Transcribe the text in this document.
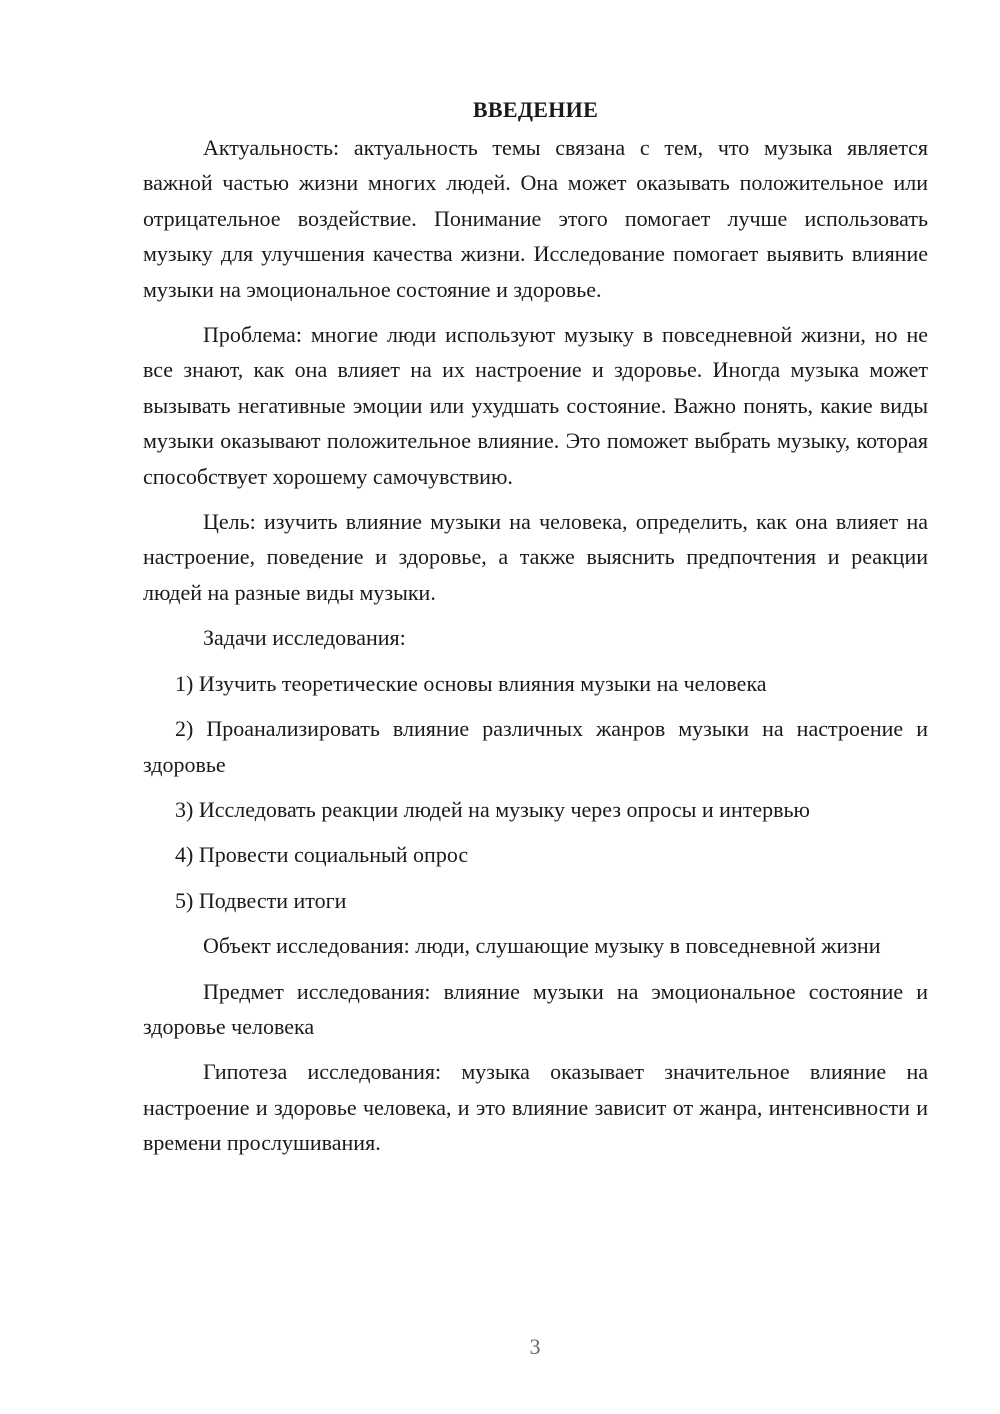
ВВЕДЕНИЕ

Актуальность: актуальность темы связана с тем, что музыка является важной частью жизни многих людей. Она может оказывать положительное или отрицательное воздействие. Понимание этого помогает лучше использовать музыку для улучшения качества жизни. Исследование помогает выявить влияние музыки на эмоциональное состояние и здоровье.

Проблема: многие люди используют музыку в повседневной жизни, но не все знают, как она влияет на их настроение и здоровье. Иногда музыка может вызывать негативные эмоции или ухудшать состояние. Важно понять, какие виды музыки оказывают положительное влияние. Это поможет выбрать музыку, которая способствует хорошему самочувствию.

Цель: изучить влияние музыки на человека, определить, как она влияет на настроение, поведение и здоровье, а также выяснить предпочтения и реакции людей на разные виды музыки.

Задачи исследования:

1) Изучить теоретические основы влияния музыки на человека

2) Проанализировать влияние различных жанров музыки на настроение и здоровье

3) Исследовать реакции людей на музыку через опросы и интервью

4) Провести социальный опрос

5) Подвести итоги

Объект исследования: люди, слушающие музыку в повседневной жизни

Предмет исследования: влияние музыки на эмоциональное состояние и здоровье человека

Гипотеза исследования: музыка оказывает значительное влияние на настроение и здоровье человека, и это влияние зависит от жанра, интенсивности и времени прослушивания.

3
